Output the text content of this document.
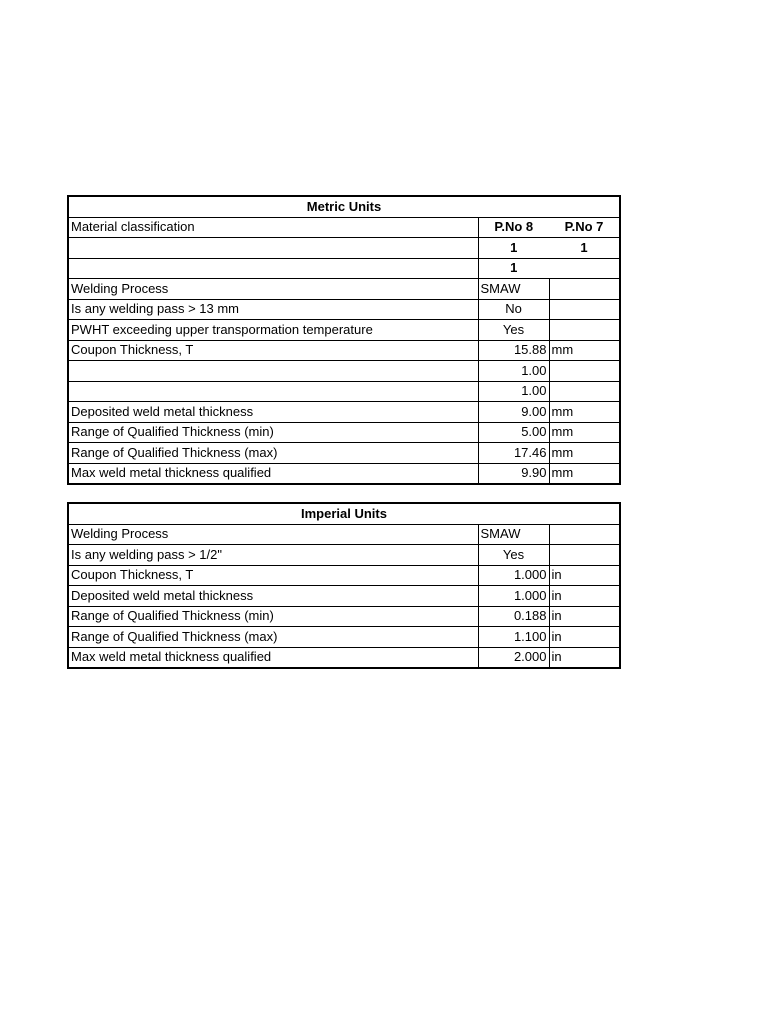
Metric Units		
Material classification	P.No 8	P.No 7
	1	1
	1	
Welding Process	SMAW	
Is any welding pass > 13 mm	No	
PWHT exceeding upper transpormation temperature	Yes	
Coupon Thickness, T	15.88	mm
	1.00	
	1.00	
Deposited weld metal thickness	9.00	mm
Range of Qualified Thickness (min)	5.00	mm
Range of Qualified Thickness (max)	17.46	mm
Max weld metal thickness qualified	9.90	mm
Imperial Units		
Welding Process	SMAW	
Is any welding pass > 1/2"	Yes	
Coupon Thickness, T	1.000	in
Deposited weld metal thickness	1.000	in
Range of Qualified Thickness (min)	0.188	in
Range of Qualified Thickness (max)	1.100	in
Max weld metal thickness qualified	2.000	in
